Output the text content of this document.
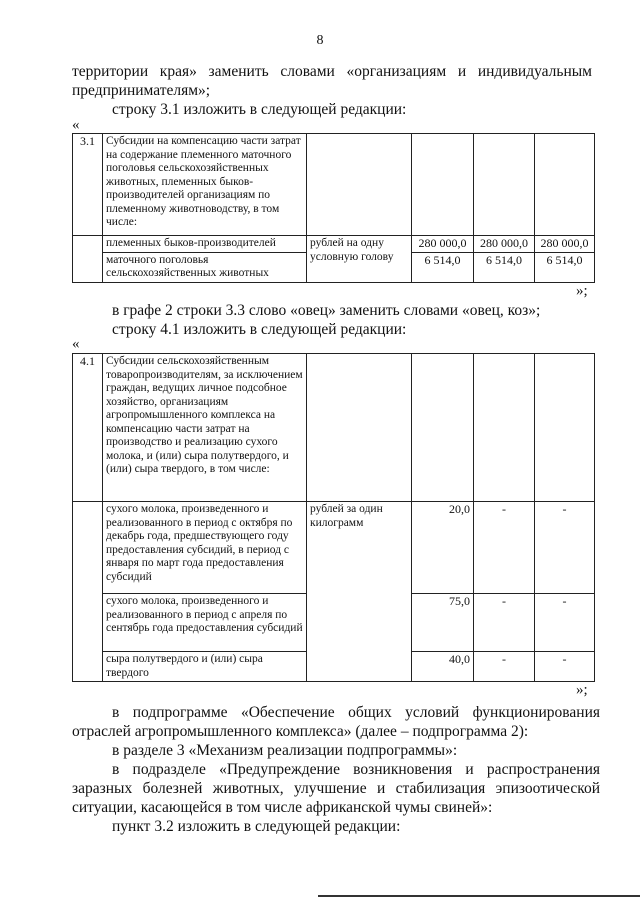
8

территории края» заменить словами «организациям и индивидуальным

предпринимателям»;

строку 3.1 изложить в следующей редакции:

«
3.1	Субсидии на компенсацию части затрат на содержание племенного маточного поголовья сельскохозяйственных животных, племенных быков-производителей организациям по племенному животноводству, в том числе:				
	племенных быков-производителей	рублей на одну условную голову	280 000,0	280 000,0	280 000,0
	маточного поголовья сельскохозяйственных животных		6 514,0	6 514,0	6 514,0
»;

в графе 2 строки 3.3 слово «овец» заменить словами «овец, коз»;

строку 4.1 изложить в следующей редакции:

«
4.1	Субсидии сельскохозяйственным товаропроизводителям, за исключением граждан, ведущих личное подсобное хозяйство, организациям агропромышленного комплекса на компенсацию части затрат на производство и реализацию сухого молока, и (или) сыра полутвердого, и (или) сыра твердого, в том числе:				
	сухого молока, произведенного и реализованного в период с октября по декабрь года, предшествующего году предоставления субсидий, в период с января по март года предоставления субсидий	рублей за один килограмм	20,0	-	-
	сухого молока, произведенного и реализованного в период с апреля по сентябрь года предоставления субсидий		75,0	-	-
	сыра полутвердого и (или) сыра твердого		40,0	-	-
»;

в подпрограмме «Обеспечение общих условий функционирования

отраслей агропромышленного комплекса» (далее – подпрограмма 2):

в разделе 3 «Механизм реализации подпрограммы»:

в подразделе «Предупреждение возникновения и распространения

заразных болезней животных, улучшение и стабилизация эпизоотической

ситуации, касающейся в том числе африканской чумы свиней»:

пункт 3.2 изложить в следующей редакции:
